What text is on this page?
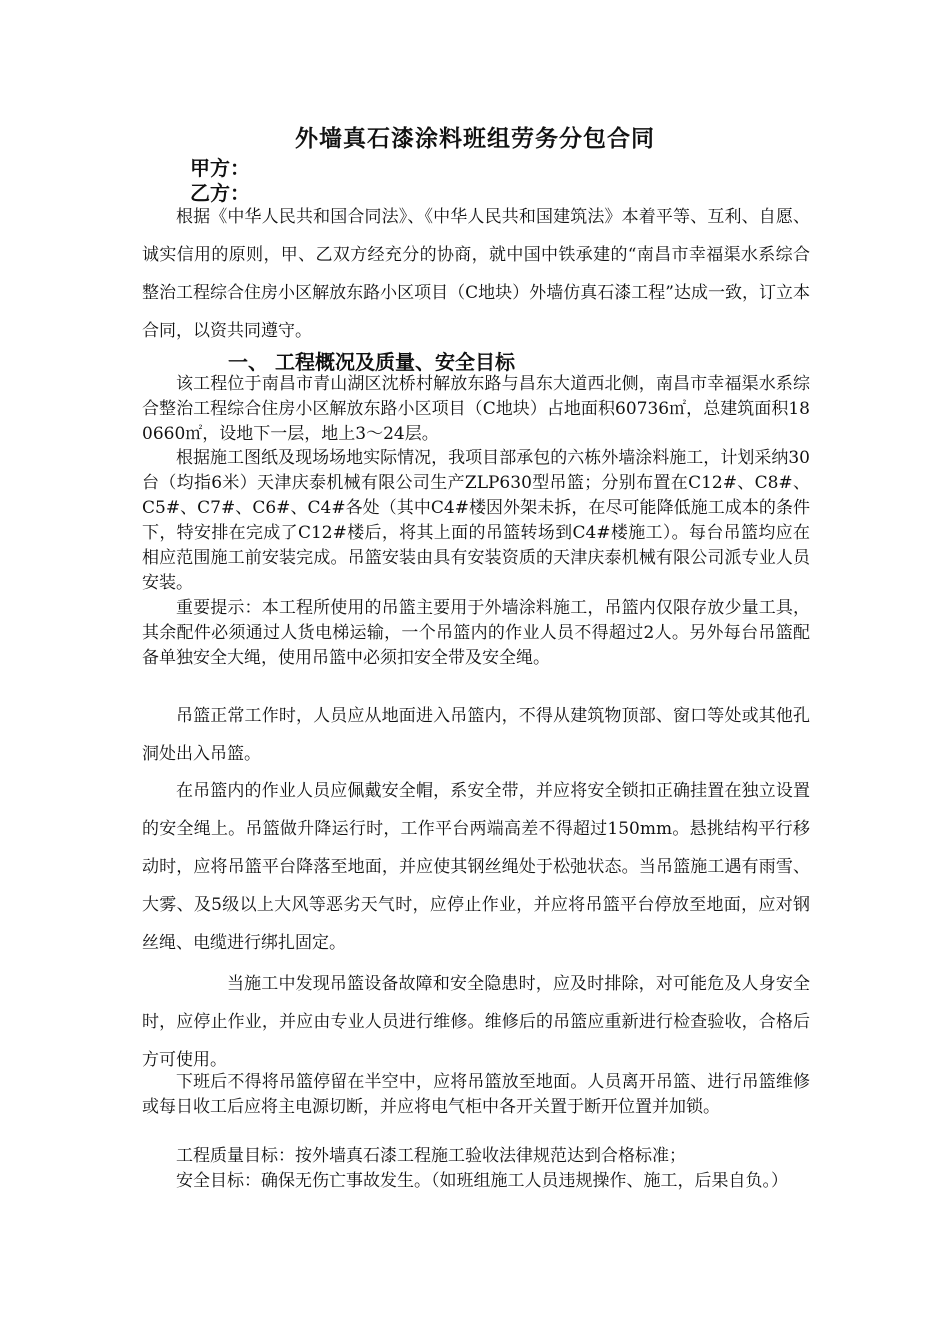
外墙真石漆涂料班组劳务分包合同
甲方：
乙方：
根据《中华人民共和国合同法》、《中华人民共和国建筑法》本着平等、互利、自愿、诚实信用的原则，甲、乙双方经充分的协商，就中国中铁承建的“南昌市幸福渠水系综合整治工程综合住房小区解放东路小区项目（C地块）外墙仿真石漆工程”达成一致，订立本合同，以资共同遵守。
一、 工程概况及质量、安全目标
该工程位于南昌市青山湖区沈桥村解放东路与昌东大道西北侧，南昌市幸福渠水系综合整治工程综合住房小区解放东路小区项目（C地块）占地面积60736㎡，总建筑面积180660㎡，设地下一层，地上3～24层。
根据施工图纸及现场场地实际情况，我项目部承包的六栋外墙涂料施工，计划采纳30台（均指6米）天津庆泰机械有限公司生产ZLP630型吊篮；分别布置在C12#、C8#、C5#、C7#、C6#、C4#各处（其中C4#楼因外架未拆，在尽可能降低施工成本的条件下，特安排在完成了C12#楼后，将其上面的吊篮转场到C4#楼施工）。每台吊篮均应在相应范围施工前安装完成。吊篮安装由具有安装资质的天津庆泰机械有限公司派专业人员安装。
重要提示：本工程所使用的吊篮主要用于外墙涂料施工，吊篮内仅限存放少量工具，其余配件必须通过人货电梯运输，一个吊篮内的作业人员不得超过2人。另外每台吊篮配备单独安全大绳，使用吊篮中必须扣安全带及安全绳。
吊篮正常工作时，人员应从地面进入吊篮内，不得从建筑物顶部、窗口等处或其他孔洞处出入吊篮。
在吊篮内的作业人员应佩戴安全帽，系安全带，并应将安全锁扣正确挂置在独立设置的安全绳上。吊篮做升降运行时，工作平台两端高差不得超过150mm。悬挑结构平行移动时，应将吊篮平台降落至地面，并应使其钢丝绳处于松弛状态。当吊篮施工遇有雨雪、大雾、及5级以上大风等恶劣天气时，应停止作业，并应将吊篮平台停放至地面，应对钢丝绳、电缆进行绑扎固定。
当施工中发现吊篮设备故障和安全隐患时，应及时排除，对可能危及人身安全时，应停止作业，并应由专业人员进行维修。维修后的吊篮应重新进行检查验收，合格后方可使用。
下班后不得将吊篮停留在半空中，应将吊篮放至地面。人员离开吊篮、进行吊篮维修或每日收工后应将主电源切断，并应将电气柜中各开关置于断开位置并加锁。
工程质量目标：按外墙真石漆工程施工验收法律规范达到合格标准；
安全目标：确保无伤亡事故发生。（如班组施工人员违规操作、施工，后果自负。）
